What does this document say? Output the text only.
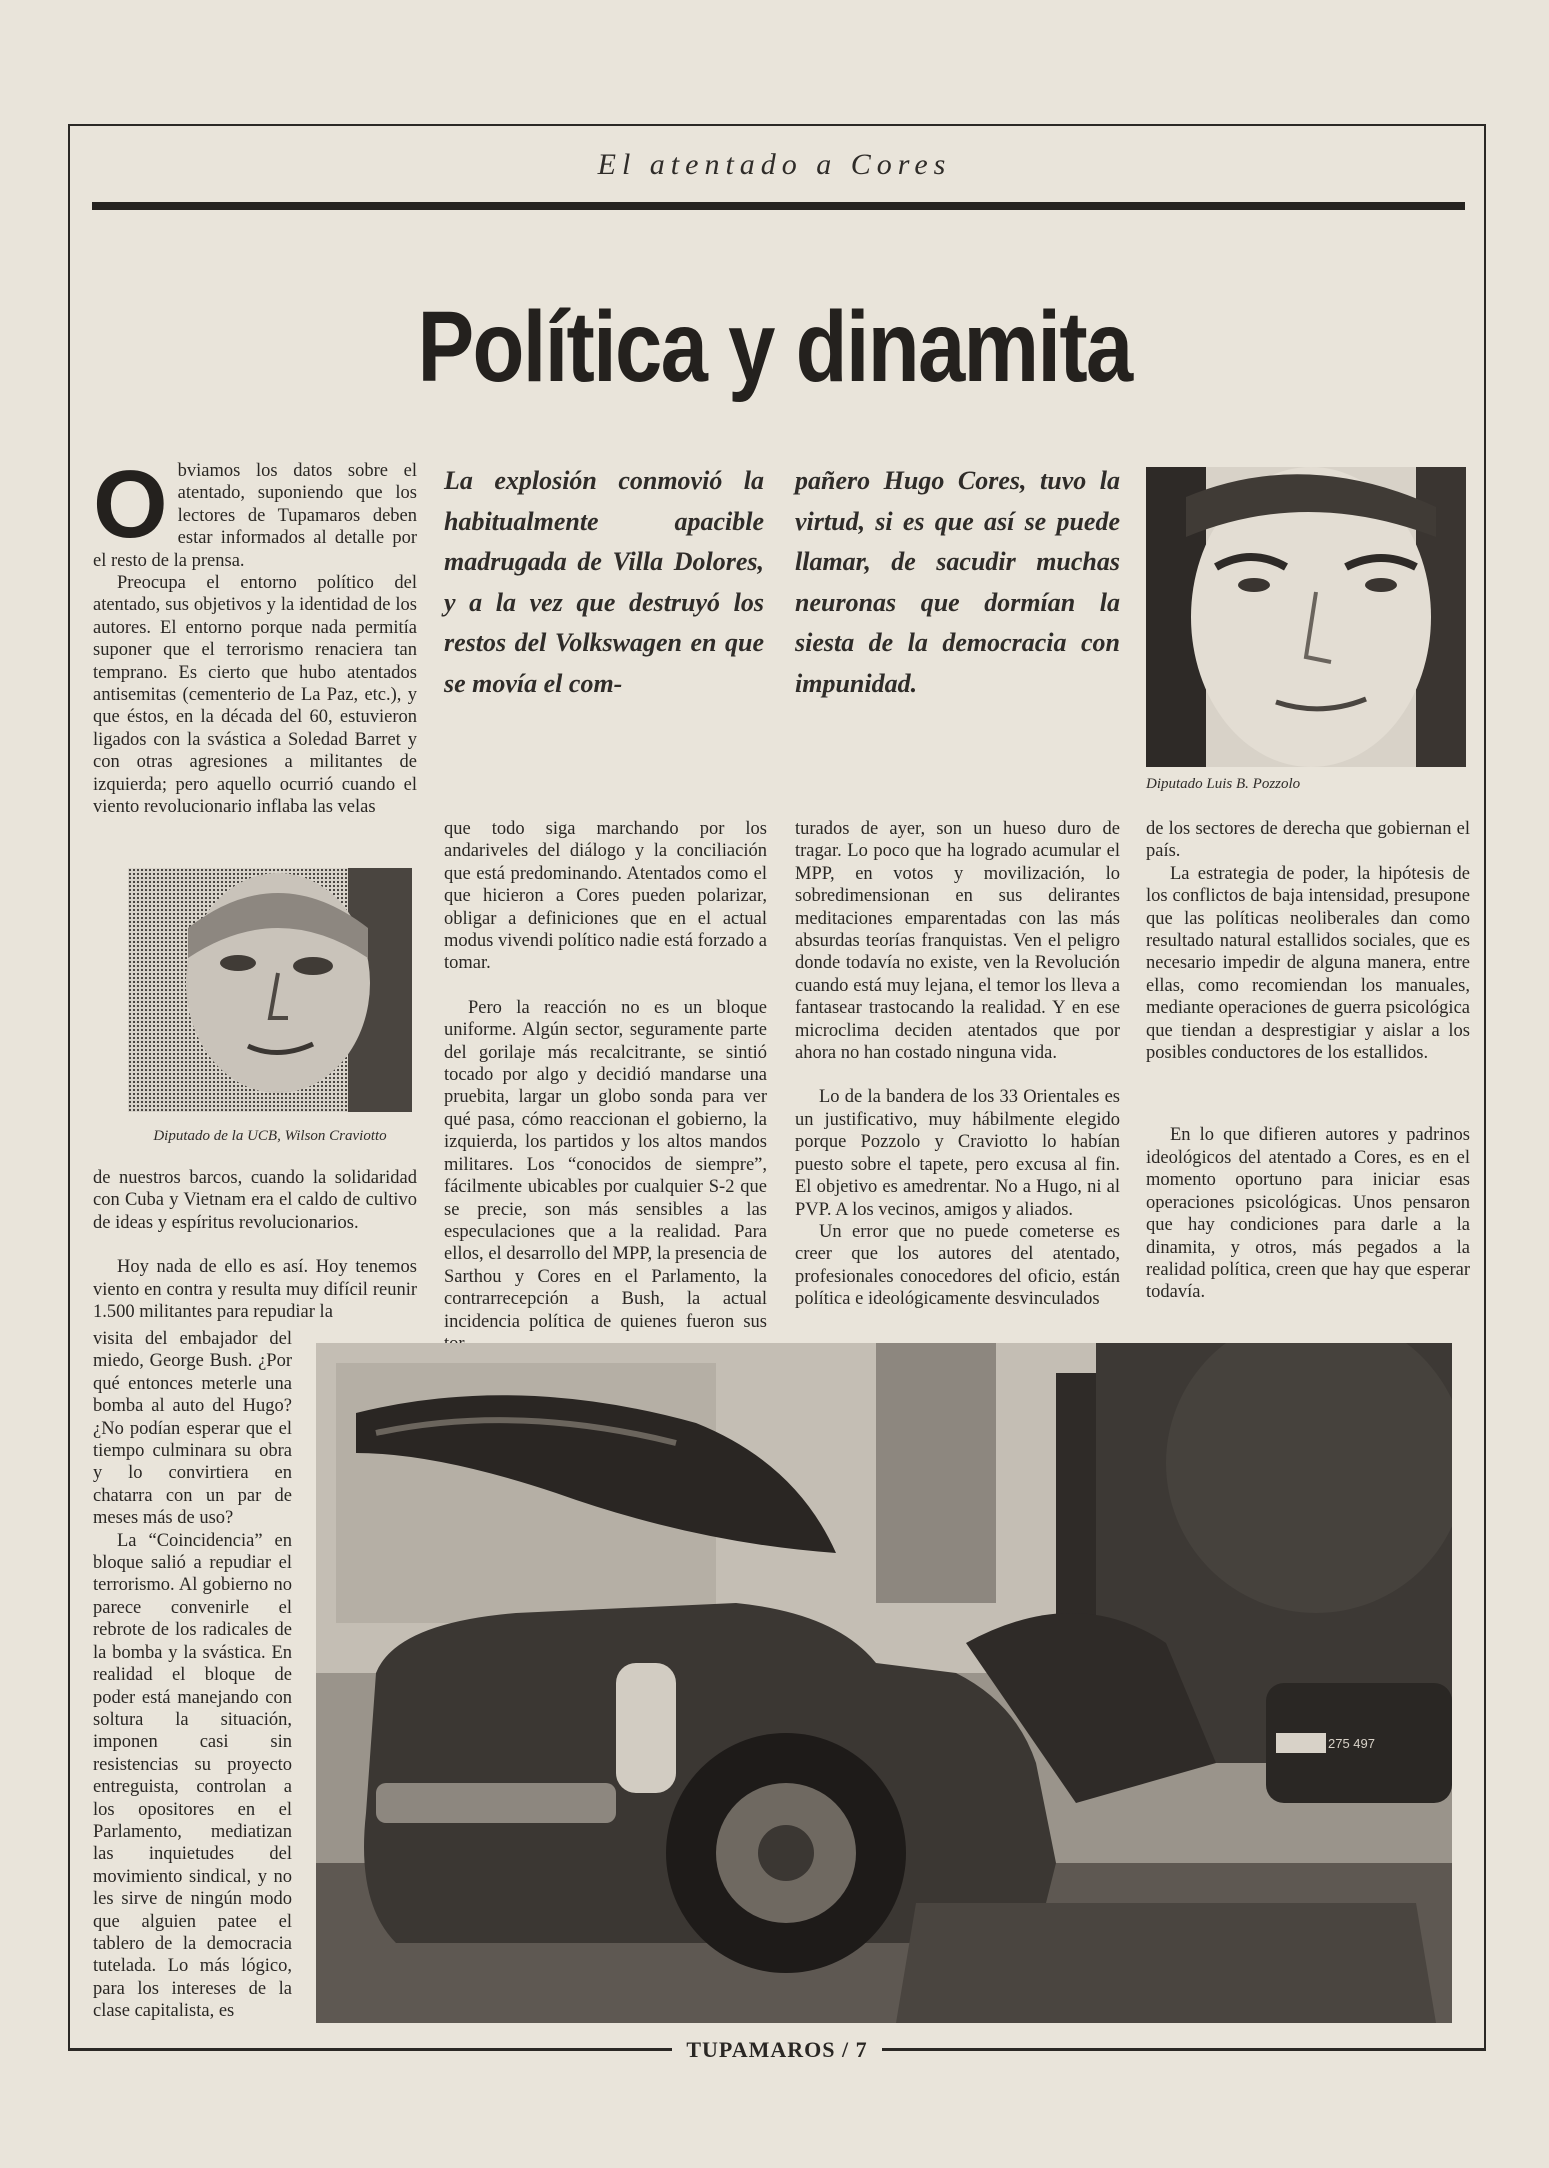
El atentado a Cores
Política y dinamita
O bviamos los datos sobre el atentado, suponiendo que los lectores de Tupamaros deben estar informados al detalle por el resto de la prensa.

Preocupa el entorno político del atentado, sus objetivos y la identidad de los autores. El entorno porque nada permitía suponer que el terrorismo renaciera tan temprano. Es cierto que hubo atentados antisemitas (cementerio de La Paz, etc.), y que éstos, en la década del 60, estuvieron ligados con la svástica a Soledad Barret y con otras agresiones a militantes de izquierda; pero aquello ocurrió cuando el viento revolucionario inflaba las velas

Diputado de la UCB, Wilson Craviotto

de nuestros barcos, cuando la solidaridad con Cuba y Vietnam era el caldo de cultivo de ideas y espíritus revolucionarios.

Hoy nada de ello es así. Hoy tenemos viento en contra y resulta muy difícil reunir 1.500 militantes para repudiar la

visita del embajador del miedo, George Bush. ¿Por qué entonces meterle una bomba al auto del Hugo? ¿No podían esperar que el tiempo culminara su obra y lo convirtiera en chatarra con un par de meses más de uso?

La “Coincidencia” en bloque salió a repudiar el terrorismo. Al gobierno no parece convenirle el rebrote de los radicales de la bomba y la svástica. En realidad el bloque de poder está manejando con soltura la situación, imponen casi sin resistencias su proyecto entreguista, controlan a los opositores en el Parlamento, mediatizan las inquietudes del movimiento sindical, y no les sirve de ningún modo que alguien patee el tablero de la democracia tutelada. Lo más lógico, para los intereses de la clase capitalista, es

La explosión conmovió la habitualmente apacible madrugada de Villa Dolores, y a la vez que destruyó los restos del Volkswagen en que se movía el com-
pañero Hugo Cores, tuvo la virtud, si es que así se puede llamar, de sacudir muchas neuronas que dormían la siesta de la democracia con impunidad.
Diputado Luis B. Pozzolo

que todo siga marchando por los andariveles del diálogo y la conciliación que está predominando. Atentados como el que hicieron a Cores pueden polarizar, obligar a definiciones que en el actual modus vivendi político nadie está forzado a tomar.

Pero la reacción no es un bloque uniforme. Algún sector, seguramente parte del gorilaje más recalcitrante, se sintió tocado por algo y decidió mandarse una pruebita, largar un globo sonda para ver qué pasa, cómo reaccionan el gobierno, la izquierda, los partidos y los altos mandos militares. Los “conocidos de siempre”, fácilmente ubicables por cualquier S-2 que se precie, son más sensibles a las especulaciones que a la realidad. Para ellos, el desarrollo del MPP, la presencia de Sarthou y Cores en el Parlamento, la contrarrecepción a Bush, la actual incidencia política de quienes fueron sus

turados de ayer, son un hueso duro de tragar. Lo poco que ha logrado acumular el MPP, en votos y movilización, lo sobredimensionan en sus delirantes meditaciones emparentadas con las más absurdas teorías franquistas. Ven el peligro donde todavía no existe, ven la Revolución cuando está muy lejana, el temor los lleva a fantasear trastocando la realidad. Y en ese microclima deciden atentados que por ahora no han costado ninguna vida.

Lo de la bandera de los 33 Orientales es un justificativo, muy hábilmente elegido porque Pozzolo y Craviotto lo habían puesto sobre el tapete, pero excusa al fin. El objetivo es amedrentar. No a Hugo, ni al PVP. A los vecinos, amigos y aliados.

Un error que no puede cometerse es creer que los autores del atentado, profesionales conocedores del oficio, están política e ideológicamente desvinculados

de los sectores de derecha que gobiernan el país.

La estrategia de poder, la hipótesis de los conflictos de baja intensidad, presupone que las políticas neoliberales dan como resultado natural estallidos sociales, que es necesario impedir de alguna manera, entre ellas, como recomiendan los manuales, mediante operaciones de guerra psicológica que tiendan a desprestigiar y aislar a los posibles conductores de los estallidos.

En lo que difieren autores y padrinos ideológicos del atentado a Cores, es en el momento oportuno para iniciar esas operaciones psicológicas. Unos pensaron que hay condiciones para darle a la dinamita, y otros, más pegados a la realidad política, creen que hay que esperar todavía.

275 497
TUPAMAROS / 7
